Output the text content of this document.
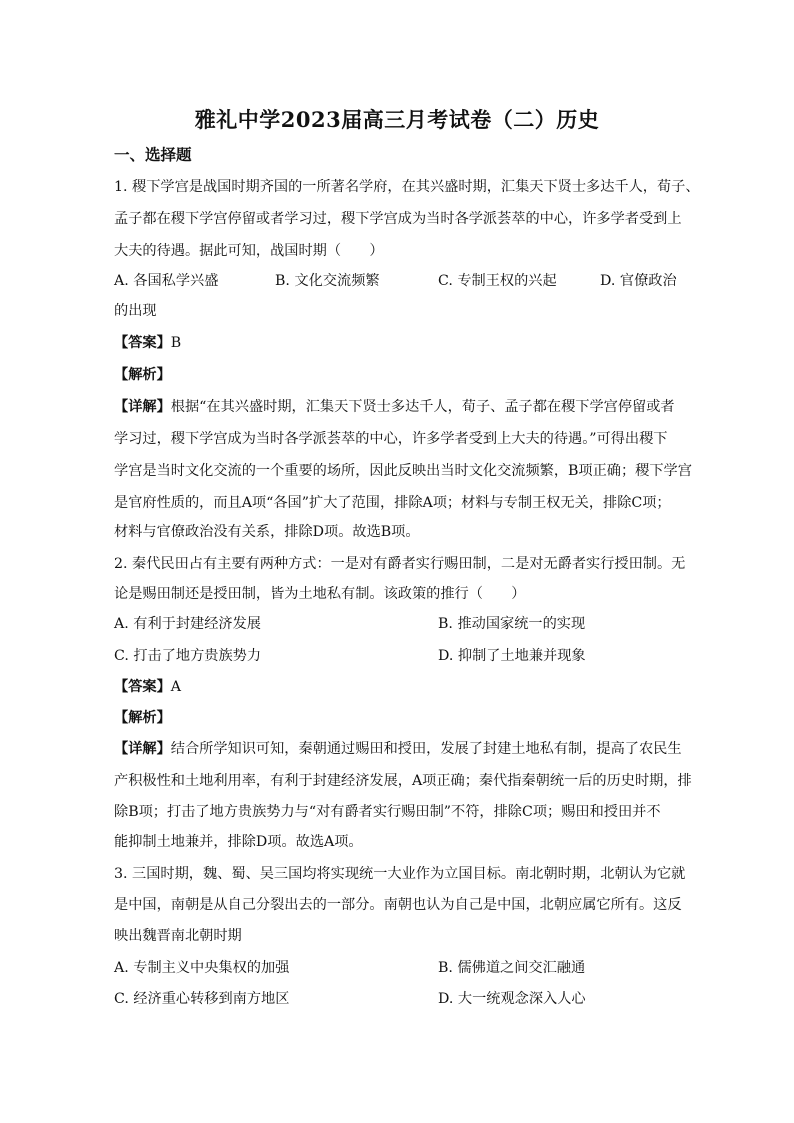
雅礼中学2023届高三月考试卷（二）历史
一、选择题
1. 稷下学宫是战国时期齐国的一所著名学府，在其兴盛时期，汇集天下贤士多达千人，荀子、
孟子都在稷下学宫停留或者学习过，稷下学宫成为当时各学派荟萃的中心，许多学者受到上
大夫的待遇。据此可知，战国时期（　　）
A. 各国私学兴盛	B. 文化交流频繁	C. 专制王权的兴起	D. 官僚政治
的出现
【答案】B
【解析】
【详解】根据“在其兴盛时期，汇集天下贤士多达千人，荀子、孟子都在稷下学宫停留或者
学习过，稷下学宫成为当时各学派荟萃的中心，许多学者受到上大夫的待遇。”可得出稷下
学宫是当时文化交流的一个重要的场所，因此反映出当时文化交流频繁，B项正确；稷下学宫
是官府性质的，而且A项“各国”扩大了范围，排除A项；材料与专制王权无关，排除C项；
材料与官僚政治没有关系，排除D项。故选B项。
2. 秦代民田占有主要有两种方式：一是对有爵者实行赐田制，二是对无爵者实行授田制。无
论是赐田制还是授田制，皆为土地私有制。该政策的推行（　　）
A. 有利于封建经济发展	B. 推动国家统一的实现
C. 打击了地方贵族势力	D. 抑制了土地兼并现象
【答案】A
【解析】
【详解】结合所学知识可知，秦朝通过赐田和授田，发展了封建土地私有制，提高了农民生
产积极性和土地利用率，有利于封建经济发展，A项正确；秦代指秦朝统一后的历史时期，排
除B项；打击了地方贵族势力与“对有爵者实行赐田制”不符，排除C项；赐田和授田并不
能抑制土地兼并，排除D项。故选A项。
3. 三国时期，魏、蜀、吴三国均将实现统一大业作为立国目标。南北朝时期，北朝认为它就
是中国，南朝是从自己分裂出去的一部分。南朝也认为自己是中国，北朝应属它所有。这反
映出魏晋南北朝时期
A. 专制主义中央集权的加强	B. 儒佛道之间交汇融通
C. 经济重心转移到南方地区	D. 大一统观念深入人心
